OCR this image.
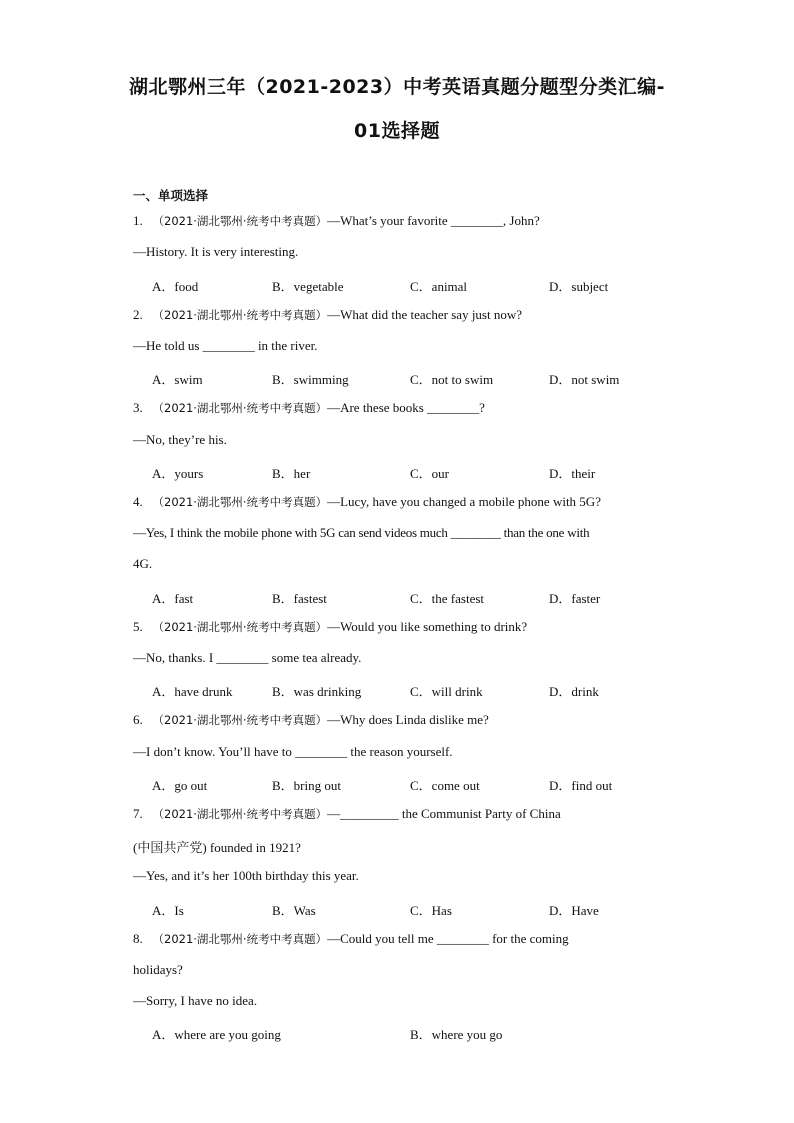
湖北鄂州三年（2021-2023）中考英语真题分题型分类汇编-
01选择题
一、单项选择
1. （2021·湖北鄂州·统考中考真题）—What’s your favorite ________, John?
—History. It is very interesting.
A．food	B．vegetable	C．animal	D．subject
2. （2021·湖北鄂州·统考中考真题）—What did the teacher say just now?
—He told us ________ in the river.
A．swim	B．swimming	C．not to swim	D．not swim
3. （2021·湖北鄂州·统考中考真题）—Are these books ________?
—No, they’re his.
A．yours	B．her	C．our	D．their
4. （2021·湖北鄂州·统考中考真题）—Lucy, have you changed a mobile phone with 5G?
—Yes, I think the mobile phone with 5G can send videos much ________ than the one with
4G.
A．fast	B．fastest	C．the fastest	D．faster
5. （2021·湖北鄂州·统考中考真题）—Would you like something to drink?
—No, thanks. I ________ some tea already.
A．have drunk	B．was drinking	C．will drink	D．drink
6. （2021·湖北鄂州·统考中考真题）—Why does Linda dislike me?
—I don’t know. You’ll have to ________ the reason yourself.
A．go out	B．bring out	C．come out	D．find out
7. （2021·湖北鄂州·统考中考真题）—_________ the Communist Party of China
(中国共产党) founded in 1921?
—Yes, and it’s her 100th birthday this year.
A．Is	B．Was	C．Has	D．Have
8. （2021·湖北鄂州·统考中考真题）—Could you tell me ________ for the coming
holidays?
—Sorry, I have no idea.
A．where are you going	B．where you go
